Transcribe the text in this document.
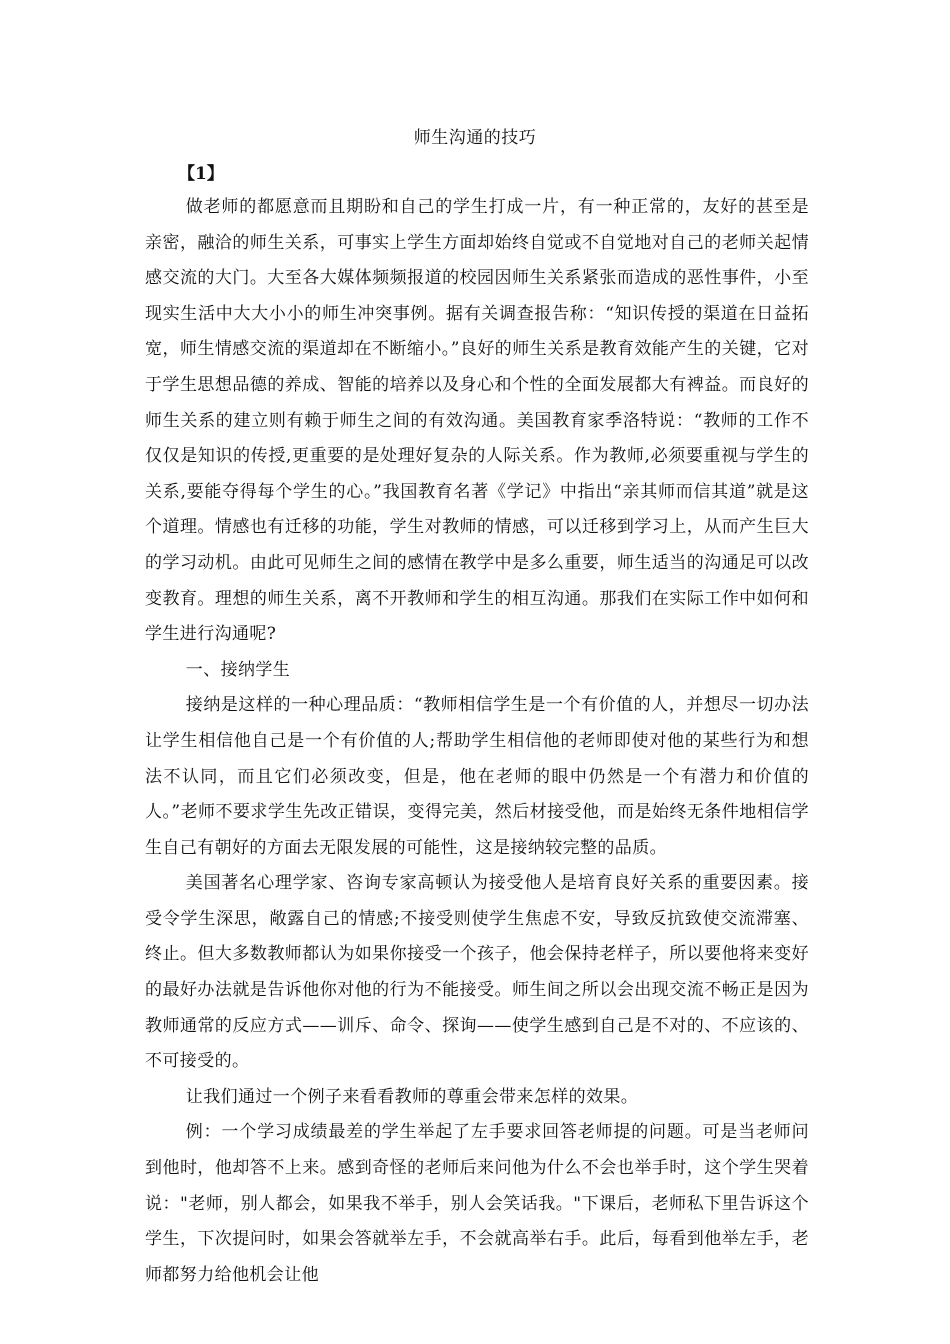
师生沟通的技巧
【1】

做老师的都愿意而且期盼和自己的学生打成一片，有一种正常的，友好的甚至是亲密，融洽的师生关系，可事实上学生方面却始终自觉或不自觉地对自己的老师关起情感交流的大门。大至各大媒体频频报道的校园因师生关系紧张而造成的恶性事件，小至现实生活中大大小小的师生冲突事例。据有关调查报告称：“知识传授的渠道在日益拓宽，师生情感交流的渠道却在不断缩小。”良好的师生关系是教育效能产生的关键，它对于学生思想品德的养成、智能的培养以及身心和个性的全面发展都大有裨益。而良好的师生关系的建立则有赖于师生之间的有效沟通。美国教育家季洛特说：“教师的工作不仅仅是知识的传授,更重要的是处理好复杂的人际关系。作为教师,必须要重视与学生的关系,要能夺得每个学生的心。”我国教育名著《学记》中指出“亲其师而信其道”就是这个道理。情感也有迁移的功能，学生对教师的情感，可以迁移到学习上，从而产生巨大的学习动机。由此可见师生之间的感情在教学中是多么重要，师生适当的沟通足可以改变教育。理想的师生关系，离不开教师和学生的相互沟通。那我们在实际工作中如何和学生进行沟通呢?

一、接纳学生

接纳是这样的一种心理品质：“教师相信学生是一个有价值的人，并想尽一切办法让学生相信他自己是一个有价值的人;帮助学生相信他的老师即使对他的某些行为和想法不认同，而且它们必须改变，但是，他在老师的眼中仍然是一个有潜力和价值的人。”老师不要求学生先改正错误，变得完美，然后材接受他，而是始终无条件地相信学生自己有朝好的方面去无限发展的可能性，这是接纳较完整的品质。

美国著名心理学家、咨询专家高顿认为接受他人是培育良好关系的重要因素。接受令学生深思，敞露自己的情感;不接受则使学生焦虑不安，导致反抗致使交流滞塞、终止。但大多数教师都认为如果你接受一个孩子，他会保持老样子，所以要他将来变好的最好办法就是告诉他你对他的行为不能接受。师生间之所以会出现交流不畅正是因为教师通常的反应方式——训斥、命令、探询——使学生感到自己是不对的、不应该的、不可接受的。

让我们通过一个例子来看看教师的尊重会带来怎样的效果。

例：一个学习成绩最差的学生举起了左手要求回答老师提的问题。可是当老师问到他时，他却答不上来。感到奇怪的老师后来问他为什么不会也举手时，这个学生哭着说："老师，别人都会，如果我不举手，别人会笑话我。"下课后，老师私下里告诉这个学生，下次提问时，如果会答就举左手，不会就高举右手。此后，每看到他举左手，老师都努力给他机会让他
